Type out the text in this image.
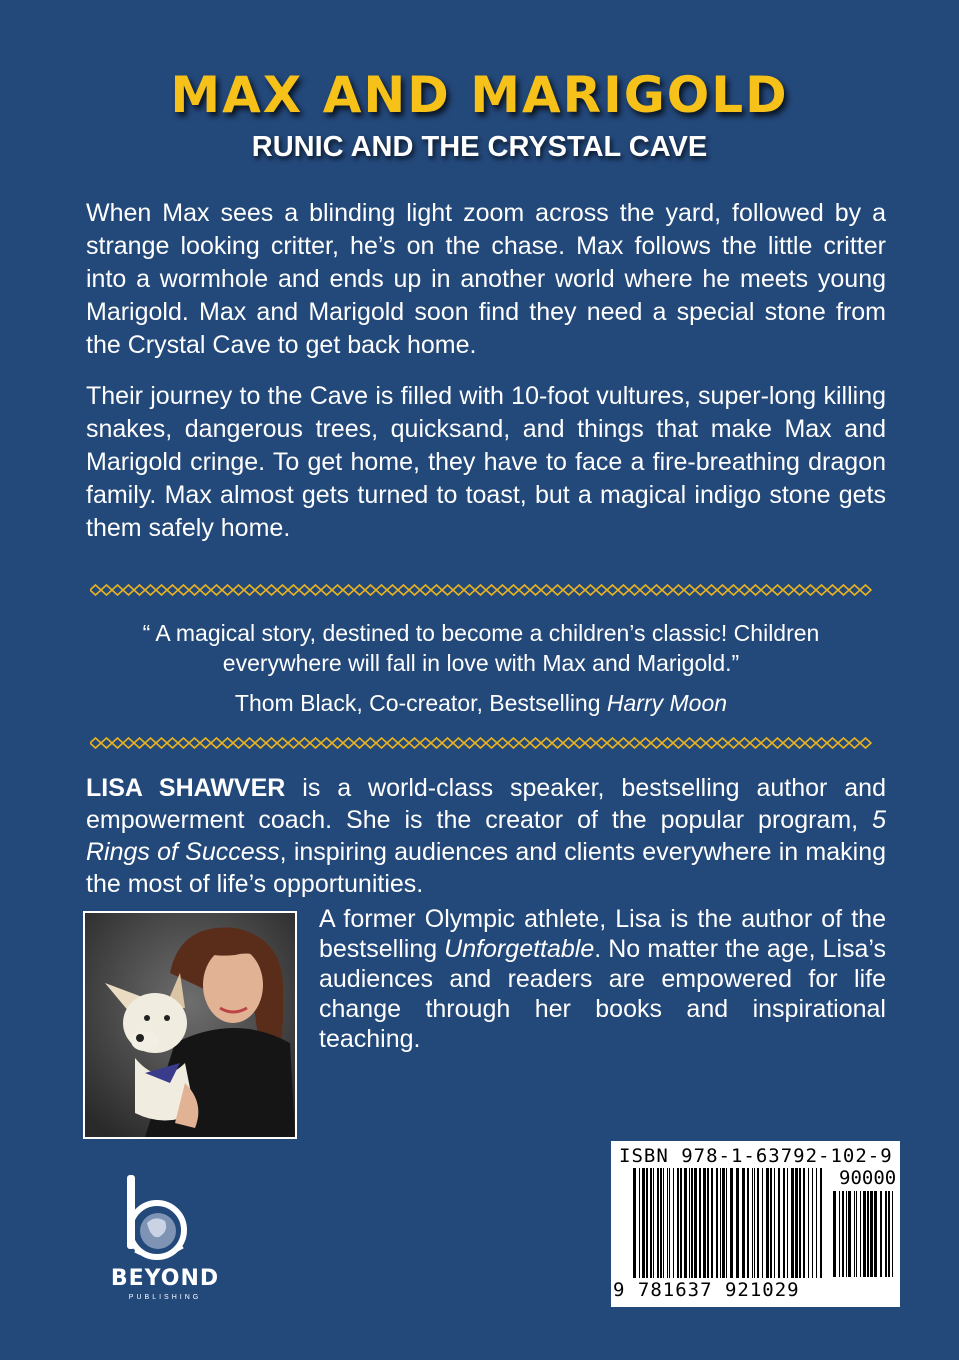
MAX AND MARIGOLD
RUNIC AND THE CRYSTAL CAVE

When Max sees a blinding light zoom across the yard, followed by a strange looking critter, he’s on the chase. Max follows the little critter into a wormhole and ends up in another world where he meets young Marigold. Max and Marigold soon find they need a special stone from the Crystal Cave to get back home.

Their journey to the Cave is filled with 10-foot vultures, super-long killing snakes, dangerous trees, quicksand, and things that make Max and Marigold cringe. To get home, they have to face a fire-breathing dragon family. Max almost gets turned to toast, but a magical indigo stone gets them safely home.

“ A magical story, destined to become a children’s classic! Children everywhere will fall in love with Max and Marigold.”
Thom Black, Co-creator, Bestselling Harry Moon
LISA SHAWVER is a world-class speaker, bestselling author and empowerment coach. She is the creator of the popular program, 5 Rings of Success, inspiring audiences and clients everywhere in making the most of life’s opportunities.
A former Olympic athlete, Lisa is the author of the bestselling Unforgettable. No matter the age, Lisa’s audiences and readers are empowered for life change through her books and inspirational teaching.
BEYOND
PUBLISHING
ISBN 978-1-63792-102-9
90000
9 781637 921029
